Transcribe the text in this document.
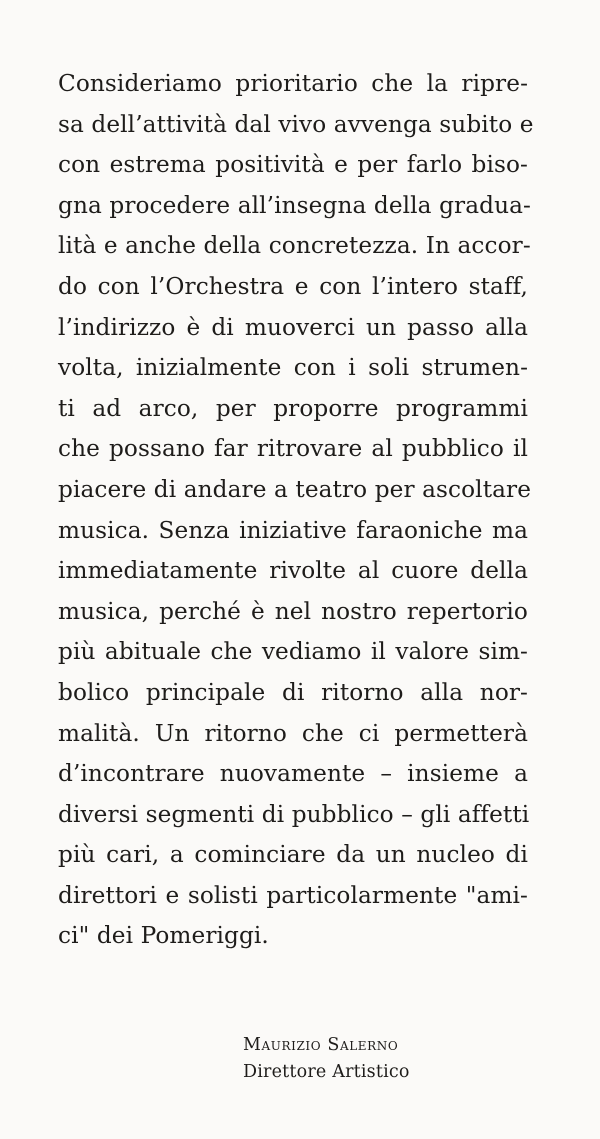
Consideriamo prioritario che la ripre-
sa dell’attività dal vivo avvenga subito e
con estrema positività e per farlo biso-
gna procedere all’insegna della gradua-
lità e anche della concretezza. In accor-
do con l’Orchestra e con l’intero staff,
l’indirizzo è di muoverci un passo alla
volta, inizialmente con i soli strumen-
ti ad arco, per proporre programmi
che possano far ritrovare al pubblico il
piacere di andare a teatro per ascoltare
musica. Senza iniziative faraoniche ma
immediatamente rivolte al cuore della
musica, perché è nel nostro repertorio
più abituale che vediamo il valore sim-
bolico principale di ritorno alla nor-
malità. Un ritorno che ci permetterà
d’incontrare nuovamente – insieme a
diversi segmenti di pubblico – gli affetti
più cari, a cominciare da un nucleo di
direttori e solisti particolarmente "ami-
ci" dei Pomeriggi.
Maurizio Salerno
Direttore Artistico
